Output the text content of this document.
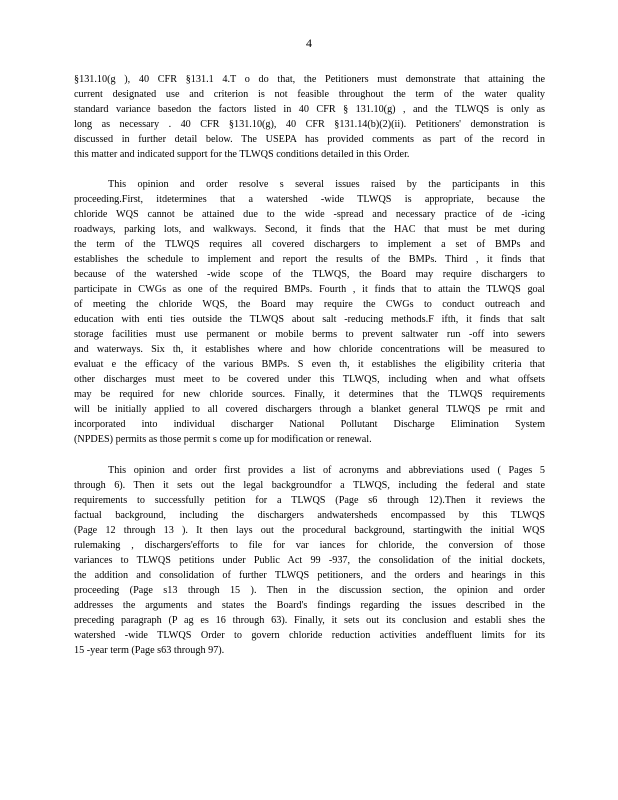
4
§131.10(g ), 40 CFR §131.1 4.T o do that, the Petitioners must demonstrate that attaining the
current designated use and criterion is not feasible throughout the term of the water quality
standard variance basedon the factors listed in 40 CFR § 131.10(g) , and the TLWQS is only as
long as necessary . 40 CFR §131.10(g), 40 CFR §131.14(b)(2)(ii). Petitioners' demonstration is
discussed in further detail below. The USEPA has provided comments as part of the record in
this matter and indicated support for the TLWQS conditions detailed in this Order.
This opinion and order resolve s several issues raised by the participants in this
proceeding.First, itdetermines that a watershed -wide TLWQS is appropriate, because the
chloride WQS cannot be attained due to the wide -spread and necessary practice of de -icing
roadways, parking lots, and walkways. Second, it finds that the HAC that must be met during
the term of the TLWQS requires all covered dischargers to implement a set of BMPs and
establishes the schedule to implement and report the results of the BMPs. Third , it finds that
because of the watershed -wide scope of the TLWQS, the Board may require dischargers to
participate in CWGs as one of the required BMPs. Fourth , it finds that to attain the TLWQS goal
of meeting the chloride WQS, the Board may require the CWGs to conduct outreach and
education with enti ties outside the TLWQS about salt -reducing methods.F ifth, it finds that salt
storage facilities must use permanent or mobile berms to prevent saltwater run -off into sewers
and waterways. Six th, it establishes where and how chloride concentrations will be measured to
evaluat e the efficacy of the various BMPs. S even th, it establishes the eligibility criteria that
other discharges must meet to be covered under this TLWQS, including when and what offsets
may be required for new chloride sources. Finally, it determines that the TLWQS requirements
will be initially applied to all covered dischargers through a blanket general TLWQS pe rmit and
incorporated into individual discharger National Pollutant Discharge Elimination System
(NPDES) permits as those permit s come up for modification or renewal.
This opinion and order first provides a list of acronyms and abbreviations used ( Pages 5
through 6). Then it sets out the legal backgroundfor a TLWQS, including the federal and state
requirements to successfully petition for a TLWQS (Page s6 through 12).Then it reviews the
factual background, including the dischargers andwatersheds encompassed by this TLWQS
(Page 12 through 13 ). It then lays out the procedural background, startingwith the initial WQS
rulemaking , dischargers'efforts to file for var iances for chloride, the conversion of those
variances to TLWQS petitions under Public Act 99 -937, the consolidation of the initial dockets,
the addition and consolidation of further TLWQS petitioners, and the orders and hearings in this
proceeding (Page s13 through 15 ). Then in the discussion section, the opinion and order
addresses the arguments and states the Board's findings regarding the issues described in the
preceding paragraph (P ag es 16 through 63). Finally, it sets out its conclusion and establi shes the
watershed -wide TLWQS Order to govern chloride reduction activities andeffluent limits for its
15 -year term (Page s63 through 97).
